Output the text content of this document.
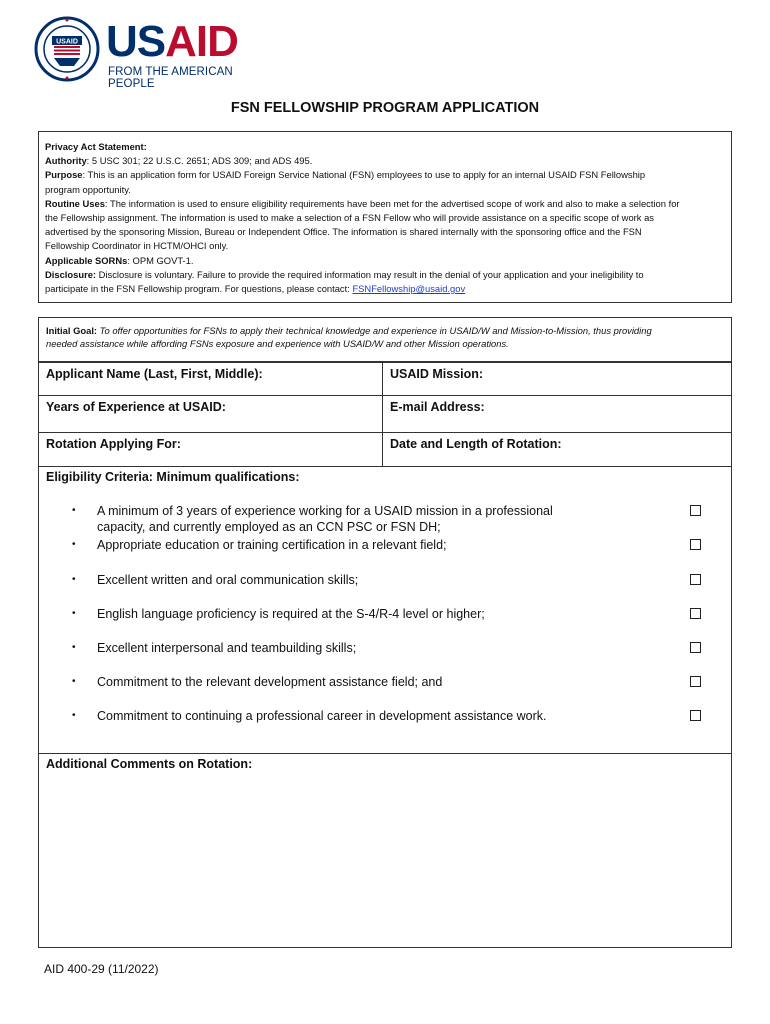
USAID USAID
FROM THE AMERICAN PEOPLE
FSN FELLOWSHIP PROGRAM APPLICATION
Privacy Act Statement:
Authority: 5 USC 301; 22 U.S.C. 2651; ADS 309; and ADS 495.
Purpose: This is an application form for USAID Foreign Service National (FSN) employees to use to apply for an internal USAID FSN Fellowship
program opportunity.
Routine Uses: The information is used to ensure eligibility requirements have been met for the advertised scope of work and also to make a selection for
the Fellowship assignment. The information is used to make a selection of a FSN Fellow who will provide assistance on a specific scope of work as
advertised by the sponsoring Mission, Bureau or Independent Office. The information is shared internally with the sponsoring office and the FSN
Fellowship Coordinator in HCTM/OHCI only.
Applicable SORNs: OPM GOVT-1.
Disclosure: Disclosure is voluntary. Failure to provide the required information may result in the denial of your application and your ineligibility to
participate in the FSN Fellowship program. For questions, please contact: FSNFellowship@usaid.gov
Initial Goal: To offer opportunities for FSNs to apply their technical knowledge and experience in USAID/W and Mission-to-Mission, thus providing
needed assistance while affording FSNs exposure and experience with USAID/W and other Mission operations.
Applicant Name (Last, First, Middle):	USAID Mission:
Years of Experience at USAID:	E-mail Address:
Rotation Applying For:	Date and Length of Rotation:
Eligibility Criteria: Minimum qualifications:
• A minimum of 3 years of experience working for a USAID mission in a professional capacity, and currently employed as an CCN PSC or FSN DH;
• Appropriate education or training certification in a relevant field;
• Excellent written and oral communication skills;
• English language proficiency is required at the S-4/R-4 level or higher;
• Excellent interpersonal and teambuilding skills;
• Commitment to the relevant development assistance field; and
• Commitment to continuing a professional career in development assistance work.
Additional Comments on Rotation:
AID 400-29 (11/2022)
